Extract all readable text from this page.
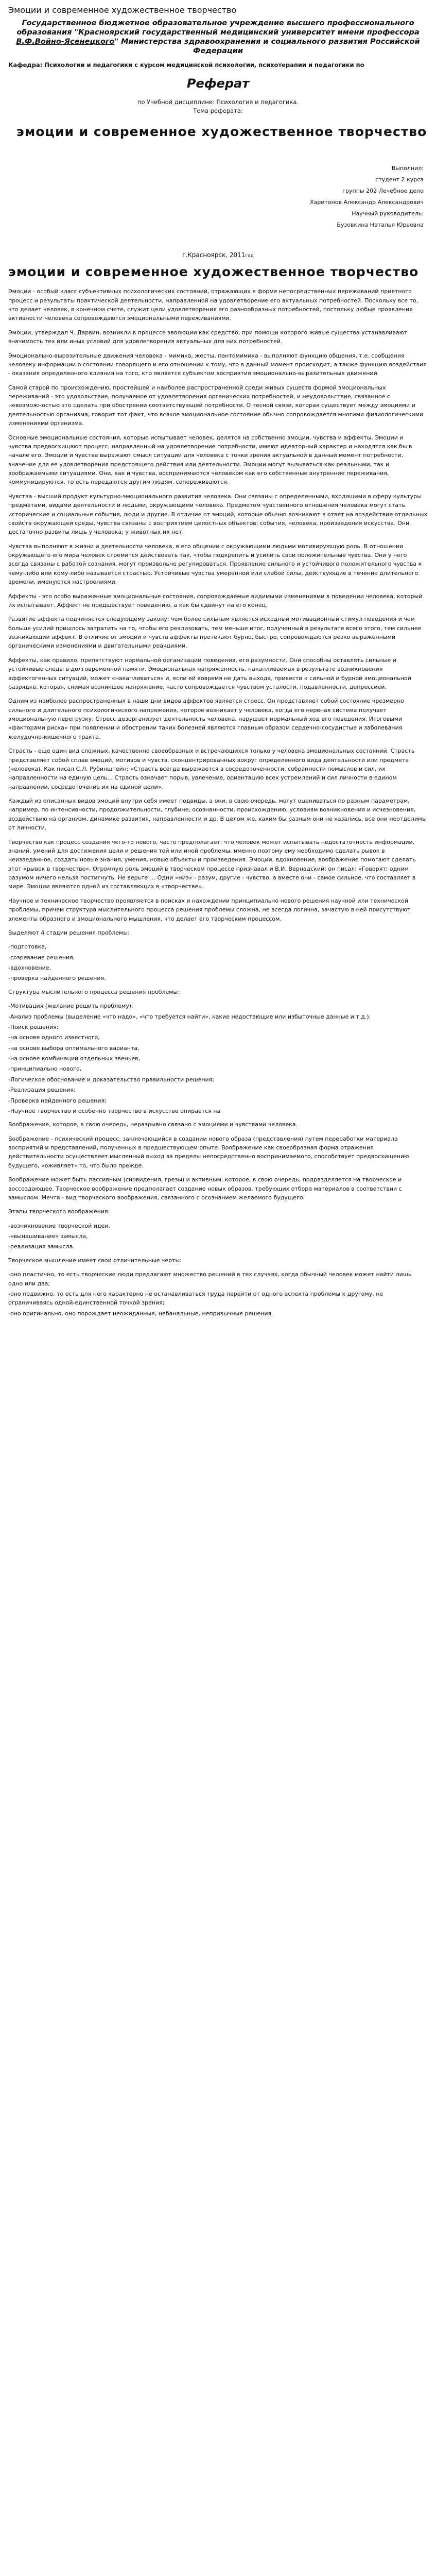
Эмоции и современное художественное творчество
Государственное бюджетное образовательное учреждение высшего профессионального образования "Красноярский государственный медицинский университет имени профессора В.Ф.Войно-Ясенецкого" Министерства здравоохранения и социального развития Российской Федерации
Кафедра: Психологии и педагогики с курсом медицинской психологии, психотерапии и педагогики по
Реферат
по Учебной дисциплине: Психология и педагогика.
Тема реферата:
эмоции и современное художественное творчество
Выполнил:
студент 2 курса
группы 202 Лечебное дело
Харитонов Александр Александрович
Научный руководитель:
Бузовкина Наталья Юрьевна
г.Красноярск, 2011год
эмоции и современное художественное творчество

Эмоции - особый класс субъективных психологических состояний, отражающих в форме непосредственных переживаний приятного процесс и результаты практической деятельности, направленной на удовлетворение его актуальных потребностей. Поскольку все то, что делает человек, в конечном счете, служит цели удовлетворения его разнообразных потребностей, постольку любые проявления активности человека сопровождаются эмоциональными переживаниями.

Эмоции, утверждал Ч. Дарвин, возникли в процессе эволюции как средство, при помощи которого живые существа устанавливают значимость тех или иных условий для удовлетворения актуальных для них потребностей.

Эмоционально-выразительные движения человека - мимика, жесты, пантомимика - выполняют функцию общения, т.е. сообщения человеку информации о состоянии говорящего и его отношении к тому, что в данный момент происходит, а также функцию воздействия - оказания определенного влияния на того, кто является субъектом восприятия эмоционально-выразительных движений.

Самой старой по происхождению, простейшей и наиболее распространенной среди живых существ формой эмоциональных переживаний - это удовольствие, получаемое от удовлетворения органических потребностей, и неудовольствие, связанное с невозможностью это сделать при обострении соответствующей потребности. О тесной связи, которая существует между эмоциями и деятельностью организма, говорит тот факт, что всякое эмоциональное состояние обычно сопровождается многими физиологическими изменениями организма.

Основные эмоциональные состояния, которые испытывает человек, делятся на собственно эмоции, чувства и аффекты. Эмоции и чувства предвосхищают процесс, направленный на удовлетворение потребности, имеют идеаторный характер и находятся как бы в начале его. Эмоции и чувства выражают смысл ситуации для человека с точки зрения актуальной в данный момент потребности, значение для ее удовлетворения предстоящего действия или деятельности. Эмоции могут вызываться как реальными, так и воображаемыми ситуациями. Они, как и чувства, воспринимаются человеком как его собственные внутренние переживания, коммуницируются, то есть передаются другим людям, сопереживаются.

Чувства - высший продукт культурно-эмоционального развития человека. Они связаны с определенными, входящими в сферу культуры предметами, видами деятельности и людьми, окружающими человека. Предметом чувственного отношения человека могут стать исторические и социальные события, люди и другие. В отличие от эмоций, которые обычно возникают в ответ на воздействие отдельных свойств окружающей среды, чувства связаны с восприятием целостных объектов: события, человека, произведения искусства. Они достаточно развиты лишь у человека; у животных их нет.

Чувства выполняют в жизни и деятельности человека, в его общении с окружающими людьми мотивирующую роль. В отношении окружающего его мира человек стремится действовать так, чтобы подкрепить и усилить свои положительные чувства. Они у него всегда связаны с работой сознания, могут произвольно регулироваться. Проявление сильного и устойчивого положительного чувства к чему-либо или кому-либо называется страстью. Устойчивые чувства умеренной или слабой силы, действующие в течение длительного времени, именуются настроениями.

Аффекты - это особо выраженные эмоциональные состояния, сопровождаемые видимыми изменениями в поведении человека, который их испытывает. Аффект не предшествует поведению, а как бы сдвинут на его конец.

Развитие аффекта подчиняется следующему закону: чем более сильным является исходный мотивационный стимул поведения и чем больше усилий пришлось затратить на то, чтобы его реализовать, тем меньше итог, полученный в результате всего этого, тем сильнее возникающий аффект. В отличие от эмоций и чувств аффекты протекают бурно, быстро, сопровождаются резко выраженными органическими изменениями и двигательными реакциями.

Аффекты, как правило, препятствуют нормальной организации поведения, его разумности. Они способны оставлять сильные и устойчивые следы в долговременной памяти. Эмоциональная напряженность, накапливаемая в результате возникновения аффектогенных ситуаций, может «накапливаться» и, если ей вовремя не дать выхода, привести к сильной и бурной эмоциональной разрядке, которая, снимая возникшее напряжение, часто сопровождается чувством усталости, подавленности, депрессией.

Одним из наиболее распространенных в наши дни видов аффектов является стресс. Он представляет собой состояние чрезмерно сильного и длительного психологического напряжения, которое возникает у человека, когда его нервная система получает эмоциональную перегрузку. Стресс дезорганизует деятельность человека, нарушает нормальный ход его поведения. Итоговыми «факторами риска» при появлении и обострении таких болезней являются главным образом сердечно-сосудистые и заболевания желудочно-кишечного тракта.

Страсть - еще один вид сложных, качественно своеобразных и встречающихся только у человека эмоциональных состояний. Страсть представляет собой сплав эмоций, мотивов и чувств, сконцентрированных вокруг определенного вида деятельности или предмета (человека). Как писал С.Л. Рубинштейн: «Страсть всегда выражается в сосредоточенности, собранности помыслов и сил, их направленности на единую цель... Страсть означает порыв, увлечение, ориентацию всех устремлений и сил личности в едином направлении, сосредоточение их на единой цели».

Каждый из описанных видов эмоций внутри себя имеет подвиды, а они, в свою очередь, могут оцениваться по разным параметрам, например, по интенсивности, продолжительности, глубине, осознанности, происхождению, условиям возникновения и исчезновения, воздействию на организм, динамике развития, направленности и др. В целом же, каким бы разным они не казались, все они неотделимы от личности.

Творчество как процесс создания чего-то нового, часто предполагает, что человек может испытывать недостаточность информации, знаний, умений для достижения цели и решения той или иной проблемы, именно поэтому ему необходимо сделать рывок в неизведанное, создать новые знания, умения, новые объекты и произведения. Эмоции, вдохновение, воображение помогают сделать этот «рывок в творчество». Огромную роль эмоций в творческом процессе признавал и В.И. Вернадский; он писал: «Говорят: одним разумом ничего нельзя постигнуть. Не верьте!... Одни «ниэ» - разум, другие - чувство, а вместе они - самое сильное, что составляет в мире. Эмоции являются одной из составляющих в «творчестве».

Научное и техническое творчество проявляется в поисках и нахождении принципиально нового решения научной или технической проблемы, причем структура мыслительного процесса решения проблемы сложна, не всегда логична, зачастую в ней присутствуют элементы образного и эмоционального мышления, что делает его творческим процессом.

Выделяют 4 стадии решения проблемы:

-подготовка,

-созревание решения,

-вдохновение,

-проверка найденного решения.

Структура мыслительного процесса решения проблемы:

-Мотивация (желание решить проблему);

-Анализ проблемы (выделение «что надо», «что требуется найти», какие недостающие или избыточные данные и т.д.);

-Поиск решения:

-на основе одного известного,

-на основе выбора оптимального варианта,

-на основе комбинации отдельных звеньев,

-принципиально нового,

-Логическое обоснование и доказательство правильности решения;

-Реализация решения;

-Проверка найденного решения;

-Научное творчество и особенно творчество в искусстве опирается на

Воображение, которое, в свою очередь, неразрывно связано с эмоциями и чувствами человека.

Воображение - психический процесс, заключающийся в создании нового образа (представления) путем переработки материала восприятий и представлений, полученных в предшествующем опыте. Воображение как своеобразная форма отражения действительности осуществляет мысленный выход за пределы непосредственно воспринимаемого, способствует предвосхищению будущего, «оживляет» то, что было прежде.

Воображение может быть пассивным (сновидения, грезы) и активным, которое, в свою очередь, подразделяется на творческое и воссоздающее. Творческое воображение предполагает создание новых образов, требующих отбора материалов в соответствии с замыслом. Мечта - вид творческого воображения, связанного с осознанием желаемого будущего.

Этапы творческого воображения:

-возникновение творческой идеи,

-«вынашивание» замысла,

-реализация замысла.

Творческое мышление имеет свои отличительные черты:

-оно пластично, то есть творческие люди предлагают множество решений в тех случаях, когда обычный человек может найти лишь одно или два;

-оно подвижно, то есть для него характерно не останавливаться труда перейти от одного аспекта проблемы к другому, не ограничиваясь одной-единственной точкой зрения;

-оно оригинально, оно порождает неожиданные, небанальные, непривычные решения.
